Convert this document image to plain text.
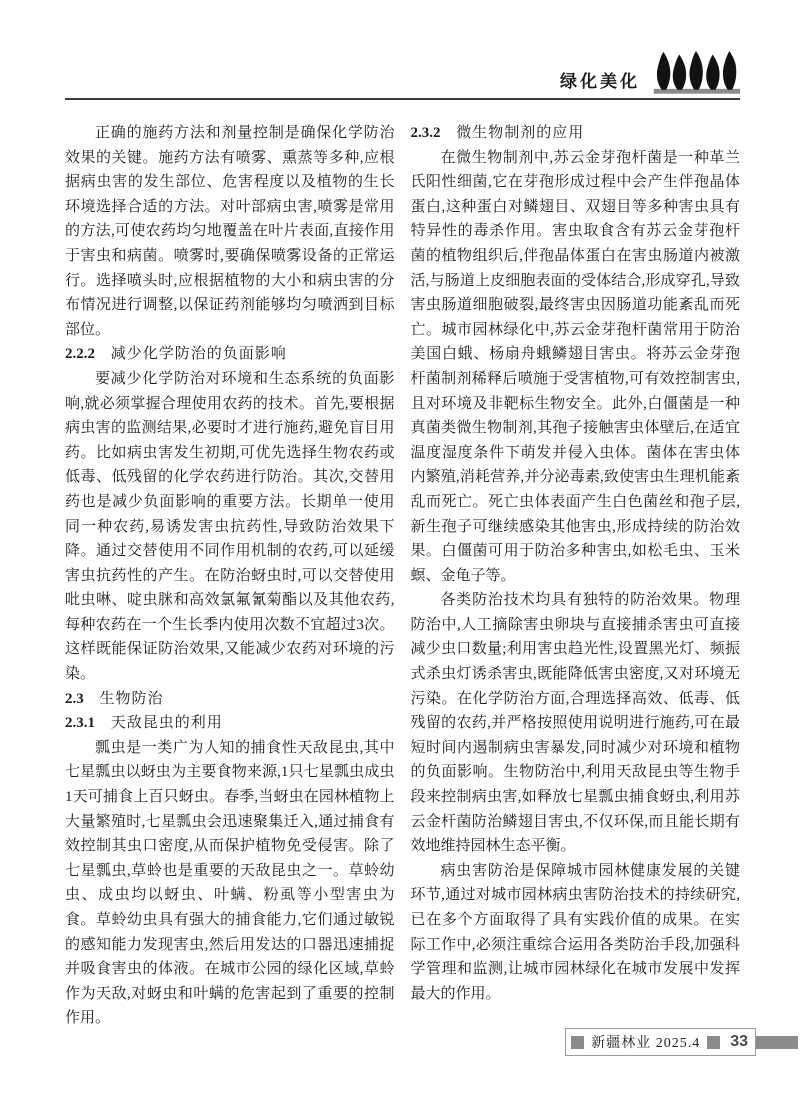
绿化美化

正确的施药方法和剂量控制是确保化学防治效果的关键。施药方法有喷雾、熏蒸等多种,应根据病虫害的发生部位、危害程度以及植物的生长环境选择合适的方法。对叶部病虫害,喷雾是常用的方法,可使农药均匀地覆盖在叶片表面,直接作用于害虫和病菌。喷雾时,要确保喷雾设备的正常运行。选择喷头时,应根据植物的大小和病虫害的分布情况进行调整,以保证药剂能够均匀喷洒到目标部位。

2.2.2 减少化学防治的负面影响

要减少化学防治对环境和生态系统的负面影响,就必须掌握合理使用农药的技术。首先,要根据病虫害的监测结果,必要时才进行施药,避免盲目用药。比如病虫害发生初期,可优先选择生物农药或低毒、低残留的化学农药进行防治。其次,交替用药也是减少负面影响的重要方法。长期单一使用同一种农药,易诱发害虫抗药性,导致防治效果下降。通过交替使用不同作用机制的农药,可以延缓害虫抗药性的产生。在防治蚜虫时,可以交替使用吡虫啉、啶虫脒和高效氯氟氰菊酯以及其他农药,每种农药在一个生长季内使用次数不宜超过3次。这样既能保证防治效果,又能减少农药对环境的污染。

2.3 生物防治

2.3.1 天敌昆虫的利用

瓢虫是一类广为人知的捕食性天敌昆虫,其中七星瓢虫以蚜虫为主要食物来源,1只七星瓢虫成虫1天可捕食上百只蚜虫。春季,当蚜虫在园林植物上大量繁殖时,七星瓢虫会迅速聚集迁入,通过捕食有效控制其虫口密度,从而保护植物免受侵害。除了七星瓢虫,草蛉也是重要的天敌昆虫之一。草蛉幼虫、成虫均以蚜虫、叶螨、粉虱等小型害虫为食。草蛉幼虫具有强大的捕食能力,它们通过敏锐的感知能力发现害虫,然后用发达的口器迅速捕捉并吸食害虫的体液。在城市公园的绿化区域,草蛉作为天敌,对蚜虫和叶螨的危害起到了重要的控制作用。

2.3.2 微生物制剂的应用

在微生物制剂中,苏云金芽孢杆菌是一种革兰氏阳性细菌,它在芽孢形成过程中会产生伴孢晶体蛋白,这种蛋白对鳞翅目、双翅目等多种害虫具有特异性的毒杀作用。害虫取食含有苏云金芽孢杆菌的植物组织后,伴孢晶体蛋白在害虫肠道内被激活,与肠道上皮细胞表面的受体结合,形成穿孔,导致害虫肠道细胞破裂,最终害虫因肠道功能紊乱而死亡。城市园林绿化中,苏云金芽孢杆菌常用于防治美国白蛾、杨扇舟蛾鳞翅目害虫。将苏云金芽孢杆菌制剂稀释后喷施于受害植物,可有效控制害虫,且对环境及非靶标生物安全。此外,白僵菌是一种真菌类微生物制剂,其孢子接触害虫体壁后,在适宜温度湿度条件下萌发并侵入虫体。菌体在害虫体内繁殖,消耗营养,并分泌毒素,致使害虫生理机能紊乱而死亡。死亡虫体表面产生白色菌丝和孢子层,新生孢子可继续感染其他害虫,形成持续的防治效果。白僵菌可用于防治多种害虫,如松毛虫、玉米螟、金龟子等。

各类防治技术均具有独特的防治效果。物理防治中,人工摘除害虫卵块与直接捕杀害虫可直接减少虫口数量;利用害虫趋光性,设置黑光灯、频振式杀虫灯诱杀害虫,既能降低害虫密度,又对环境无污染。在化学防治方面,合理选择高效、低毒、低残留的农药,并严格按照使用说明进行施药,可在最短时间内遏制病虫害暴发,同时减少对环境和植物的负面影响。生物防治中,利用天敌昆虫等生物手段来控制病虫害,如释放七星瓢虫捕食蚜虫,利用苏云金杆菌防治鳞翅目害虫,不仅环保,而且能长期有效地维持园林生态平衡。

病虫害防治是保障城市园林健康发展的关键环节,通过对城市园林病虫害防治技术的持续研究,已在多个方面取得了具有实践价值的成果。在实际工作中,必须注重综合运用各类防治手段,加强科学管理和监测,让城市园林绿化在城市发展中发挥最大的作用。

新疆林业 2025.4 33
